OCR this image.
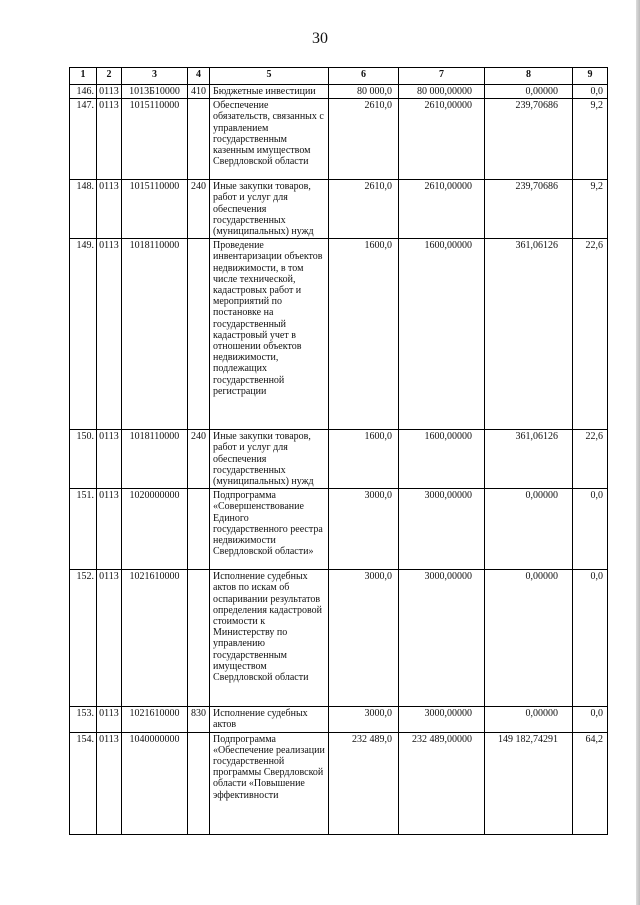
30
1	2	3	4	5	6	7	8	9
146.	0113	1013Б10000	410	Бюджетные инвестиции	80 000,0	80 000,00000	0,00000	0,0
147.	0113	1015110000		Обеспечение обязательств, связанных с управлением государственным казенным имуществом Свердловской области	2610,0	2610,00000	239,70686	9,2
148.	0113	1015110000	240	Иные закупки товаров, работ и услуг для обеспечения государственных (муниципальных) нужд	2610,0	2610,00000	239,70686	9,2
149.	0113	1018110000		Проведение инвентаризации объектов недвижимости, в том числе технической, кадастровых работ и мероприятий по постановке на государственный кадастровый учет в отношении объектов недвижимости, подлежащих государственной регистрации	1600,0	1600,00000	361,06126	22,6
150.	0113	1018110000	240	Иные закупки товаров, работ и услуг для обеспечения государственных (муниципальных) нужд	1600,0	1600,00000	361,06126	22,6
151.	0113	1020000000		Подпрограмма «Совершенствование Единого государственного реестра недвижимости Свердловской области»	3000,0	3000,00000	0,00000	0,0
152.	0113	1021610000		Исполнение судебных актов по искам об оспаривании результатов определения кадастровой стоимости к Министерству по управлению государственным имуществом Свердловской области	3000,0	3000,00000	0,00000	0,0
153.	0113	1021610000	830	Исполнение судебных актов	3000,0	3000,00000	0,00000	0,0
154.	0113	1040000000		Подпрограмма «Обеспечение реализации государственной программы Свердловской области «Повышение эффективности	232 489,0	232 489,00000	149 182,74291	64,2
